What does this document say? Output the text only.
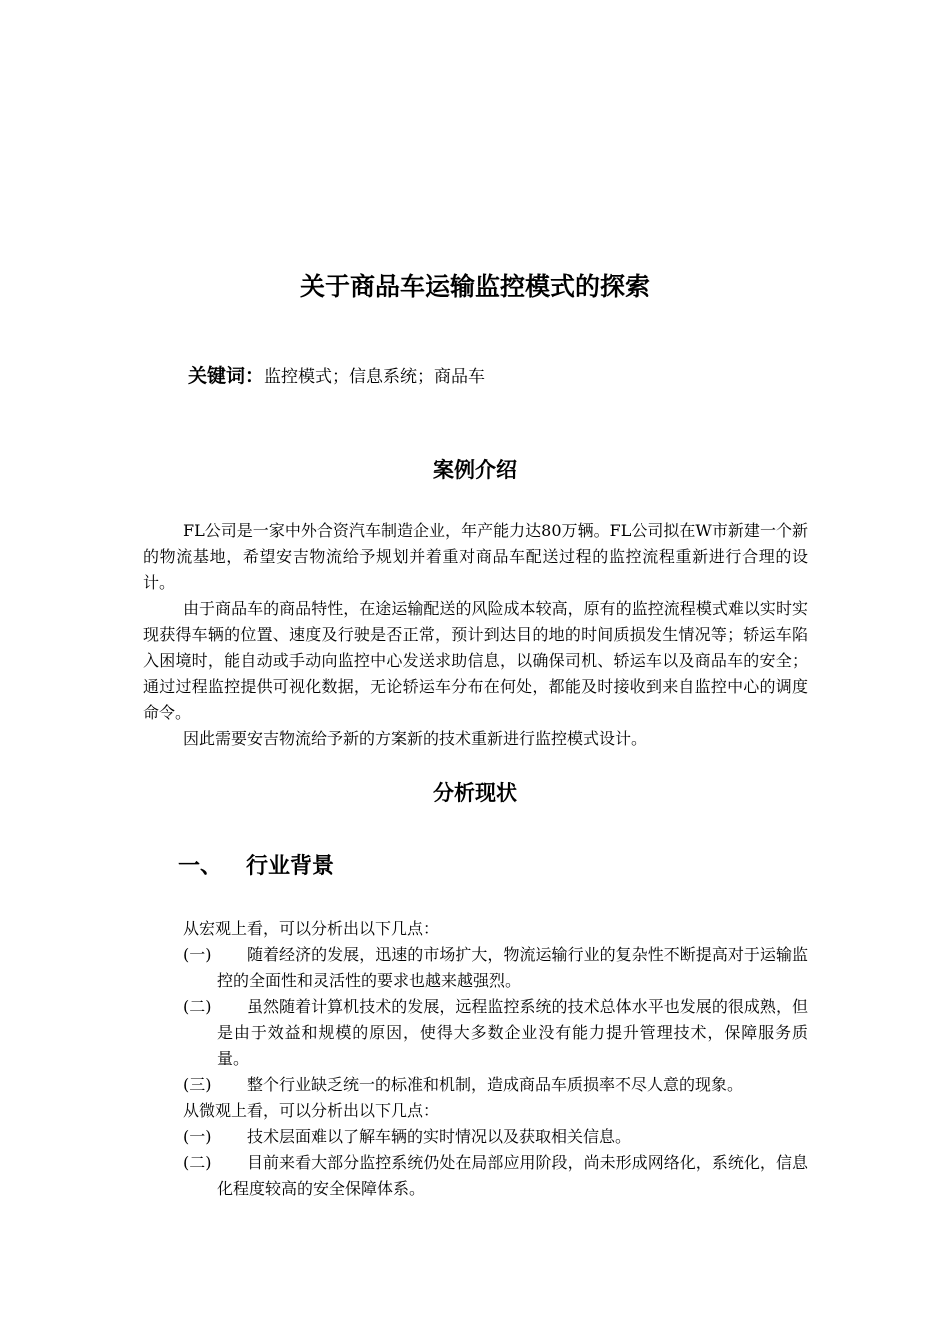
关于商品车运输监控模式的探索
关键词：监控模式；信息系统；商品车
案例介绍

FL公司是一家中外合资汽车制造企业，年产能力达80万辆。FL公司拟在W市新建一个新的物流基地，希望安吉物流给予规划并着重对商品车配送过程的监控流程重新进行合理的设计。

由于商品车的商品特性，在途运输配送的风险成本较高，原有的监控流程模式难以实时实现获得车辆的位置、速度及行驶是否正常，预计到达目的地的时间质损发生情况等；轿运车陷入困境时，能自动或手动向监控中心发送求助信息，以确保司机、轿运车以及商品车的安全；通过过程监控提供可视化数据，无论轿运车分布在何处，都能及时接收到来自监控中心的调度命令。

因此需要安吉物流给予新的方案新的技术重新进行监控模式设计。

分析现状
一、 行业背景

从宏观上看，可以分析出以下几点：

(一)	随着经济的发展，迅速的市场扩大，物流运输行业的复杂性不断提高对于运输监控的全面性和灵活性的要求也越来越强烈。

(二)	虽然随着计算机技术的发展，远程监控系统的技术总体水平也发展的很成熟，但是由于效益和规模的原因，使得大多数企业没有能力提升管理技术，保障服务质量。

(三)	整个行业缺乏统一的标准和机制，造成商品车质损率不尽人意的现象。

从微观上看，可以分析出以下几点：

(一)	技术层面难以了解车辆的实时情况以及获取相关信息。

(二)	目前来看大部分监控系统仍处在局部应用阶段，尚未形成网络化，系统化，信息化程度较高的安全保障体系。
